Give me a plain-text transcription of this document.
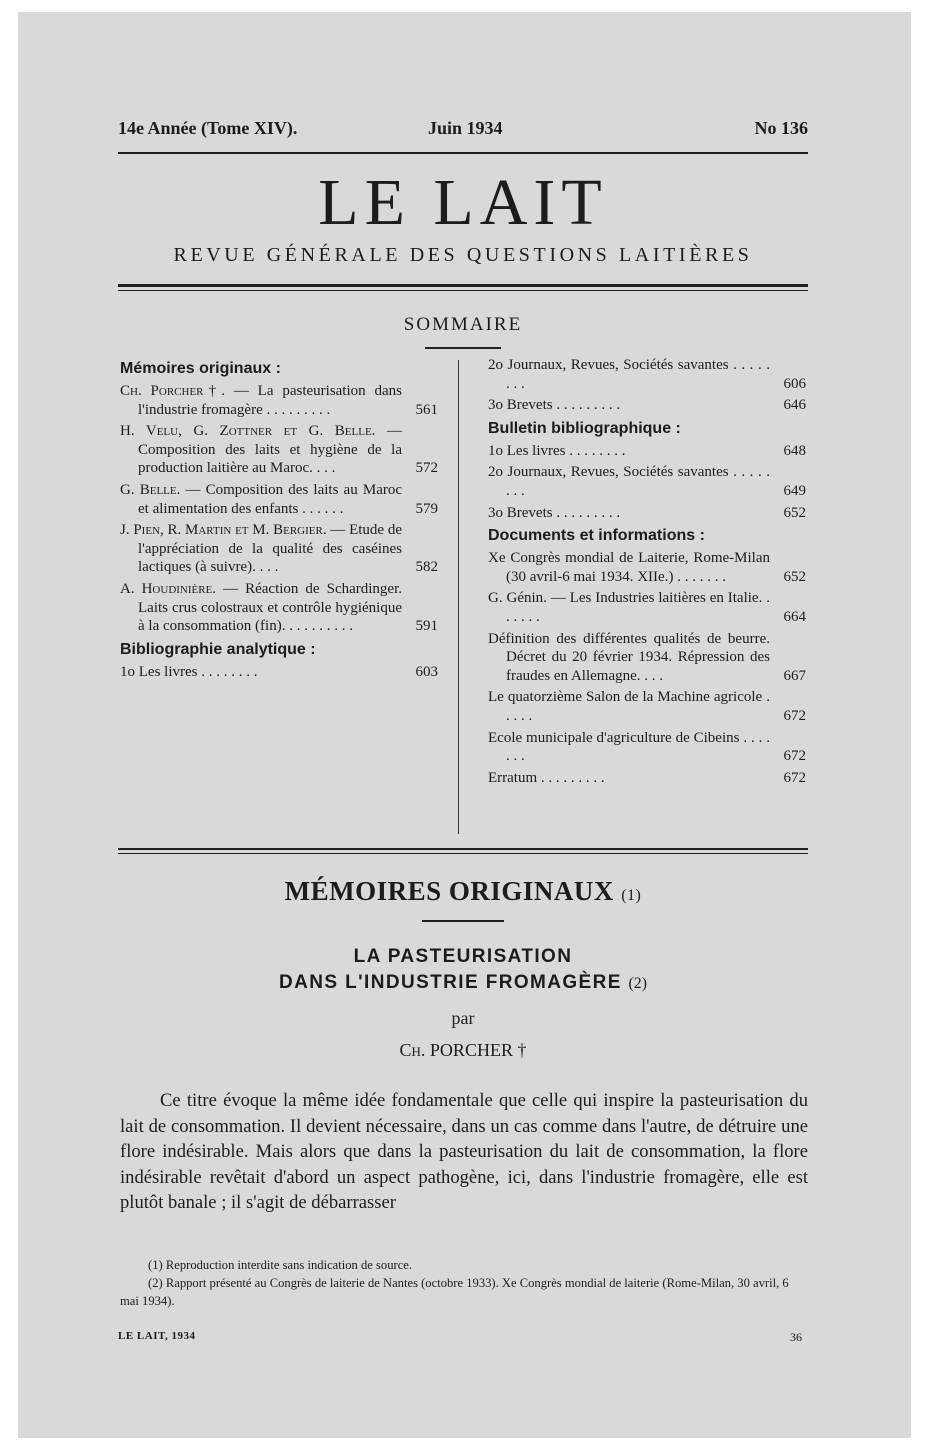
14e Année (Tome XIV).	Juin 1934	No 136
LE LAIT
REVUE GÉNÉRALE DES QUESTIONS LAITIÈRES
SOMMAIRE
Mémoires originaux :
Ch. Porcher†. — La pasteurisation dans l'industrie fromagère . . . . . . . . .	561
H. Velu, G. Zottner et G. Belle. — Composition des laits et hygiène de la production laitière au Maroc. . . .	572
G. Belle. — Composition des laits au Maroc et alimentation des enfants . . . . . .	579
J. Pien, R. Martin et M. Bergier. — Etude de l'appréciation de la qualité des caséines lactiques (à suivre). . . .	582
A. Houdinière. — Réaction de Schardinger. Laits crus colostraux et contrôle hygiénique à la consommation (fin). . . . . . . . . .	591
Bibliographie analytique :
1o Les livres . . . . . . . .	603
2o Journaux, Revues, Sociétés savantes . . . . . . . .	606
3o Brevets . . . . . . . . .	646
Bulletin bibliographique :
1o Les livres . . . . . . . .	648
2o Journaux, Revues, Sociétés savantes . . . . . . . .	649
3o Brevets . . . . . . . . .	652
Documents et informations :
Xe Congrès mondial de Laiterie, Rome-Milan (30 avril-6 mai 1934. XIIe.) . . . . . . .	652
G. Génin. — Les Industries laitières en Italie. . . . . . .	664
Définition des différentes qualités de beurre. Décret du 20 février 1934. Répression des fraudes en Allemagne. . . .	667
Le quatorzième Salon de la Machine agricole . . . . .	672
Ecole municipale d'agriculture de Cibeins . . . . . . .	672
Erratum . . . . . . . . .	672
MÉMOIRES ORIGINAUX (1)
LA PASTEURISATION
DANS L'INDUSTRIE FROMAGÈRE (2)
par
Ch. PORCHER †
Ce titre évoque la même idée fondamentale que celle qui inspire la pasteurisation du lait de consommation. Il devient nécessaire, dans un cas comme dans l'autre, de détruire une flore indésirable. Mais alors que dans la pasteurisation du lait de consommation, la flore indésirable revêtait d'abord un aspect pathogène, ici, dans l'industrie fromagère, elle est plutôt banale ; il s'agit de débarrasser

(1) Reproduction interdite sans indication de source.

(2) Rapport présenté au Congrès de laiterie de Nantes (octobre 1933). Xe Congrès mondial de laiterie (Rome-Milan, 30 avril, 6 mai 1934).

LE LAIT, 1934	36
